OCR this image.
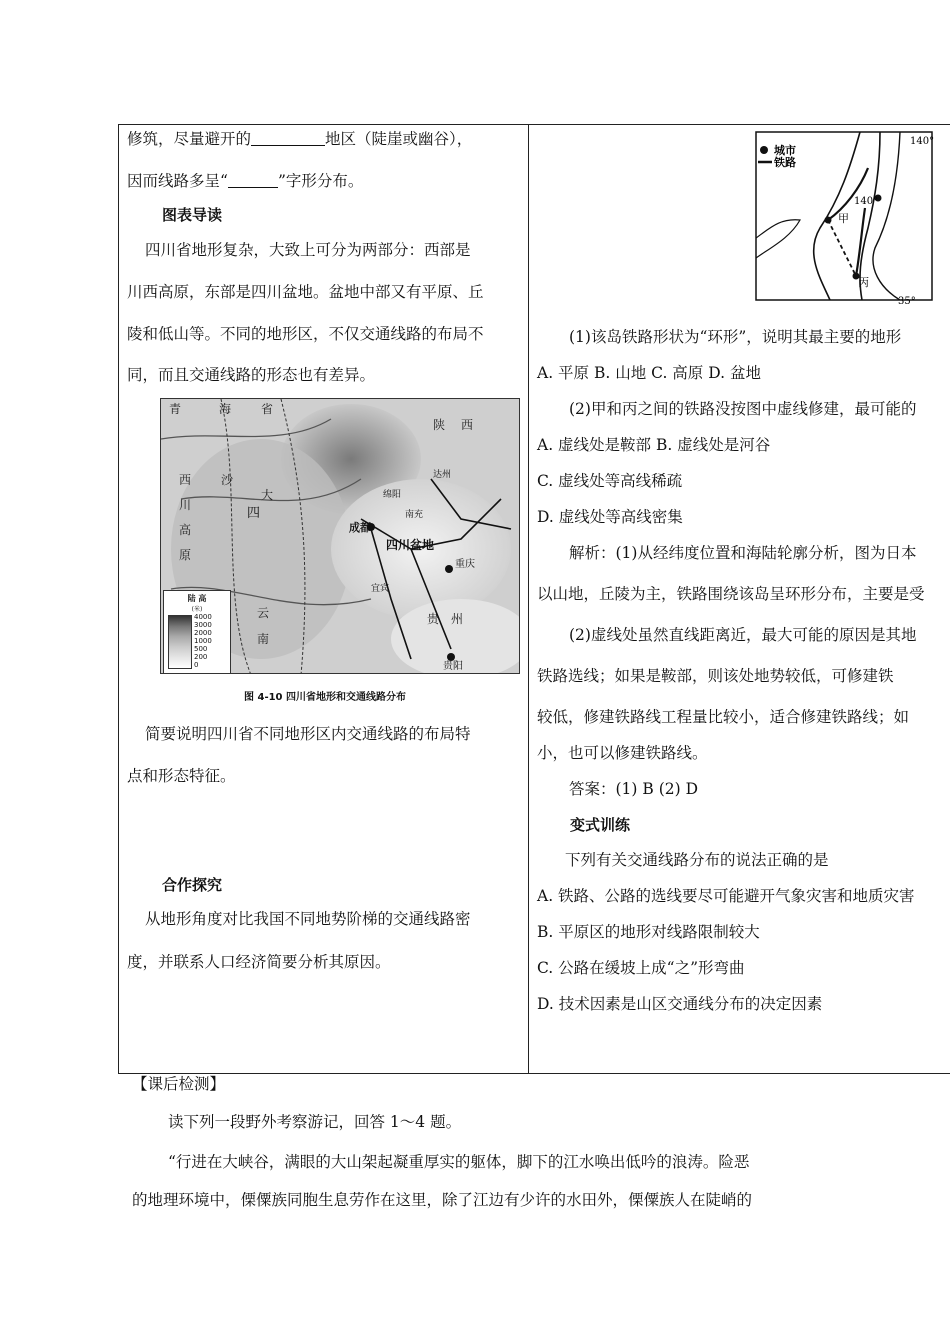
修筑，尽量避开的	地区（陡崖或幽谷），
因而线路多呈“	”字形分布。
图表导读
四川省地形复杂，大致上可分为两部分：西部是
川西高原，东部是四川盆地。盆地中部又有平原、丘
陵和低山等。不同的地形区，不仅交通线路的布局不
同，而且交通线路的形态也有差异。
青	海 省
陕 西
沙
西
川
高
原
四
大
成都
四川盆地
重庆
达州
绵阳
南充
宜宾
云
南
贵 州
贵阳
陆 高
(米)
4000
3000
2000
1000
500
200
0
图 4-10 四川省地形和交通线路分布
简要说明四川省不同地形区内交通线路的布局特
点和形态特征。
合作探究
从地形角度对比我国不同地势阶梯的交通线路密
度，并联系人口经济简要分析其原因。
城市
铁路
甲
丙
140°
140°
35°
(1)该岛铁路形状为“环形”，说明其最主要的地形
A. 平原 B. 山地 C. 高原 D. 盆地
(2)甲和丙之间的铁路没按图中虚线修建，最可能的
A. 虚线处是鞍部 B. 虚线处是河谷
C. 虚线处等高线稀疏
D. 虚线处等高线密集
解析：(1)从经纬度位置和海陆轮廓分析，图为日本
以山地，丘陵为主，铁路围绕该岛呈环形分布，主要是受
(2)虚线处虽然直线距离近，最大可能的原因是其地
铁路选线；如果是鞍部，则该处地势较低，可修建铁
较低，修建铁路线工程量比较小，适合修建铁路线；如
小，也可以修建铁路线。
答案：(1) B (2) D
变式训练
下列有关交通线路分布的说法正确的是
A. 铁路、公路的选线要尽可能避开气象灾害和地质灾害
B. 平原区的地形对线路限制较大
C. 公路在缓坡上成“之”形弯曲
D. 技术因素是山区交通线分布的决定因素
【课后检测】
读下列一段野外考察游记，回答 1～4 题。
“行进在大峡谷，满眼的大山架起凝重厚实的躯体，脚下的江水唤出低吟的浪涛。险恶
的地理环境中，傈僳族同胞生息劳作在这里，除了江边有少许的水田外，傈僳族人在陡峭的
